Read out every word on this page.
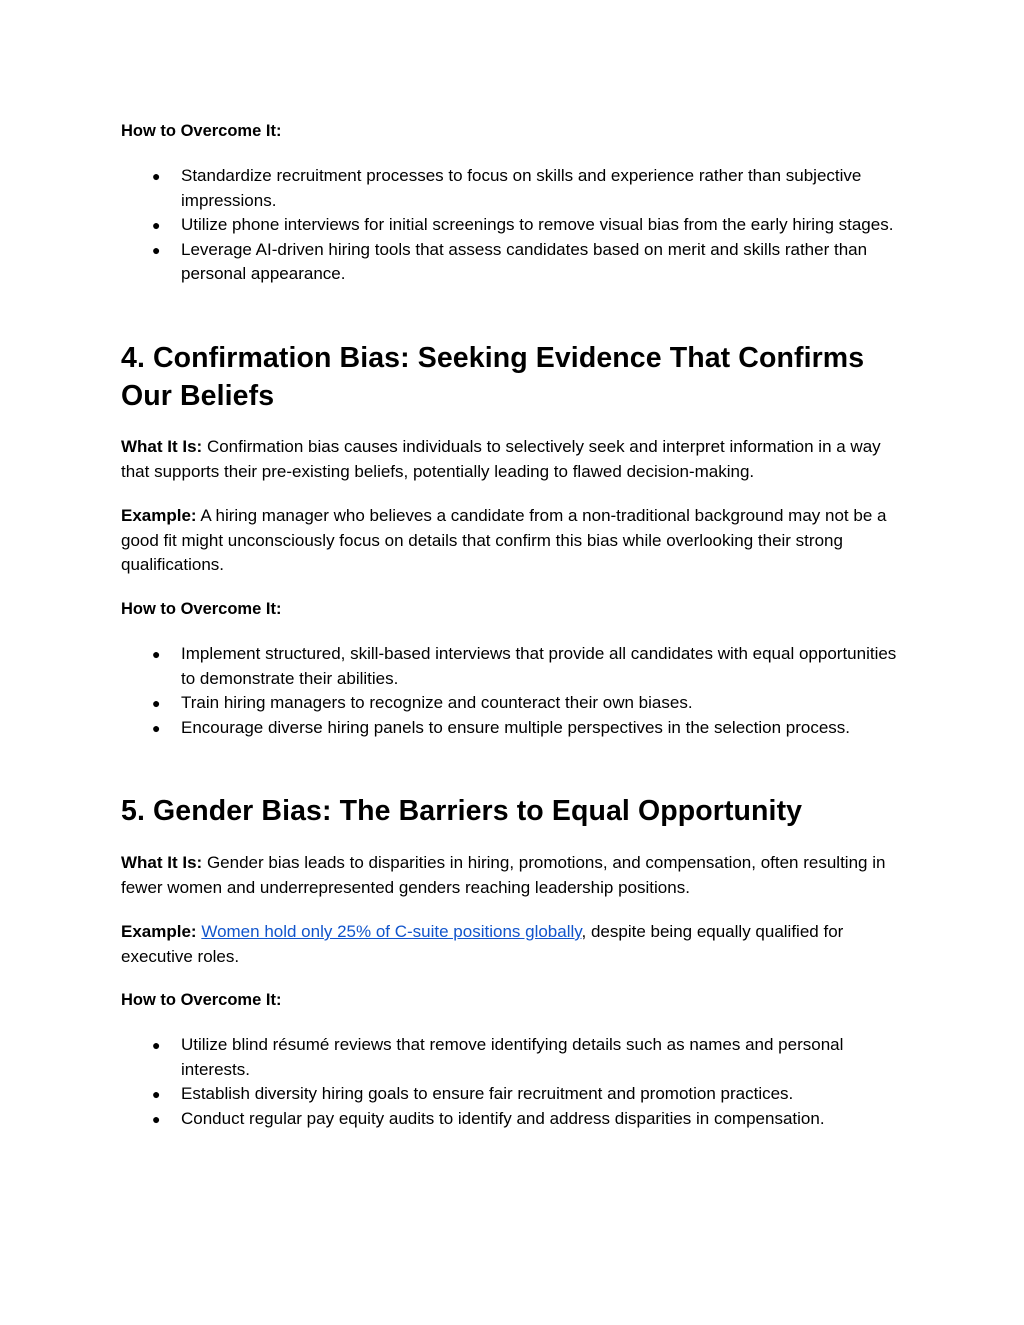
How to Overcome It:

● Standardize recruitment processes to focus on skills and experience rather than subjective impressions.
● Utilize phone interviews for initial screenings to remove visual bias from the early hiring stages.
● Leverage AI-driven hiring tools that assess candidates based on merit and skills rather than personal appearance.
4. Confirmation Bias: Seeking Evidence That Confirms
Our Beliefs

What It Is: Confirmation bias causes individuals to selectively seek and interpret information in a way that supports their pre-existing beliefs, potentially leading to flawed decision-making.

Example: A hiring manager who believes a candidate from a non-traditional background may not be a good fit might unconsciously focus on details that confirm this bias while overlooking their strong qualifications.

How to Overcome It:

● Implement structured, skill-based interviews that provide all candidates with equal opportunities to demonstrate their abilities.
● Train hiring managers to recognize and counteract their own biases.
● Encourage diverse hiring panels to ensure multiple perspectives in the selection process.
5. Gender Bias: The Barriers to Equal Opportunity

What It Is: Gender bias leads to disparities in hiring, promotions, and compensation, often resulting in fewer women and underrepresented genders reaching leadership positions.

Example: Women hold only 25% of C-suite positions globally, despite being equally qualified for executive roles.

How to Overcome It:

● Utilize blind résumé reviews that remove identifying details such as names and personal interests.
● Establish diversity hiring goals to ensure fair recruitment and promotion practices.
● Conduct regular pay equity audits to identify and address disparities in compensation.
